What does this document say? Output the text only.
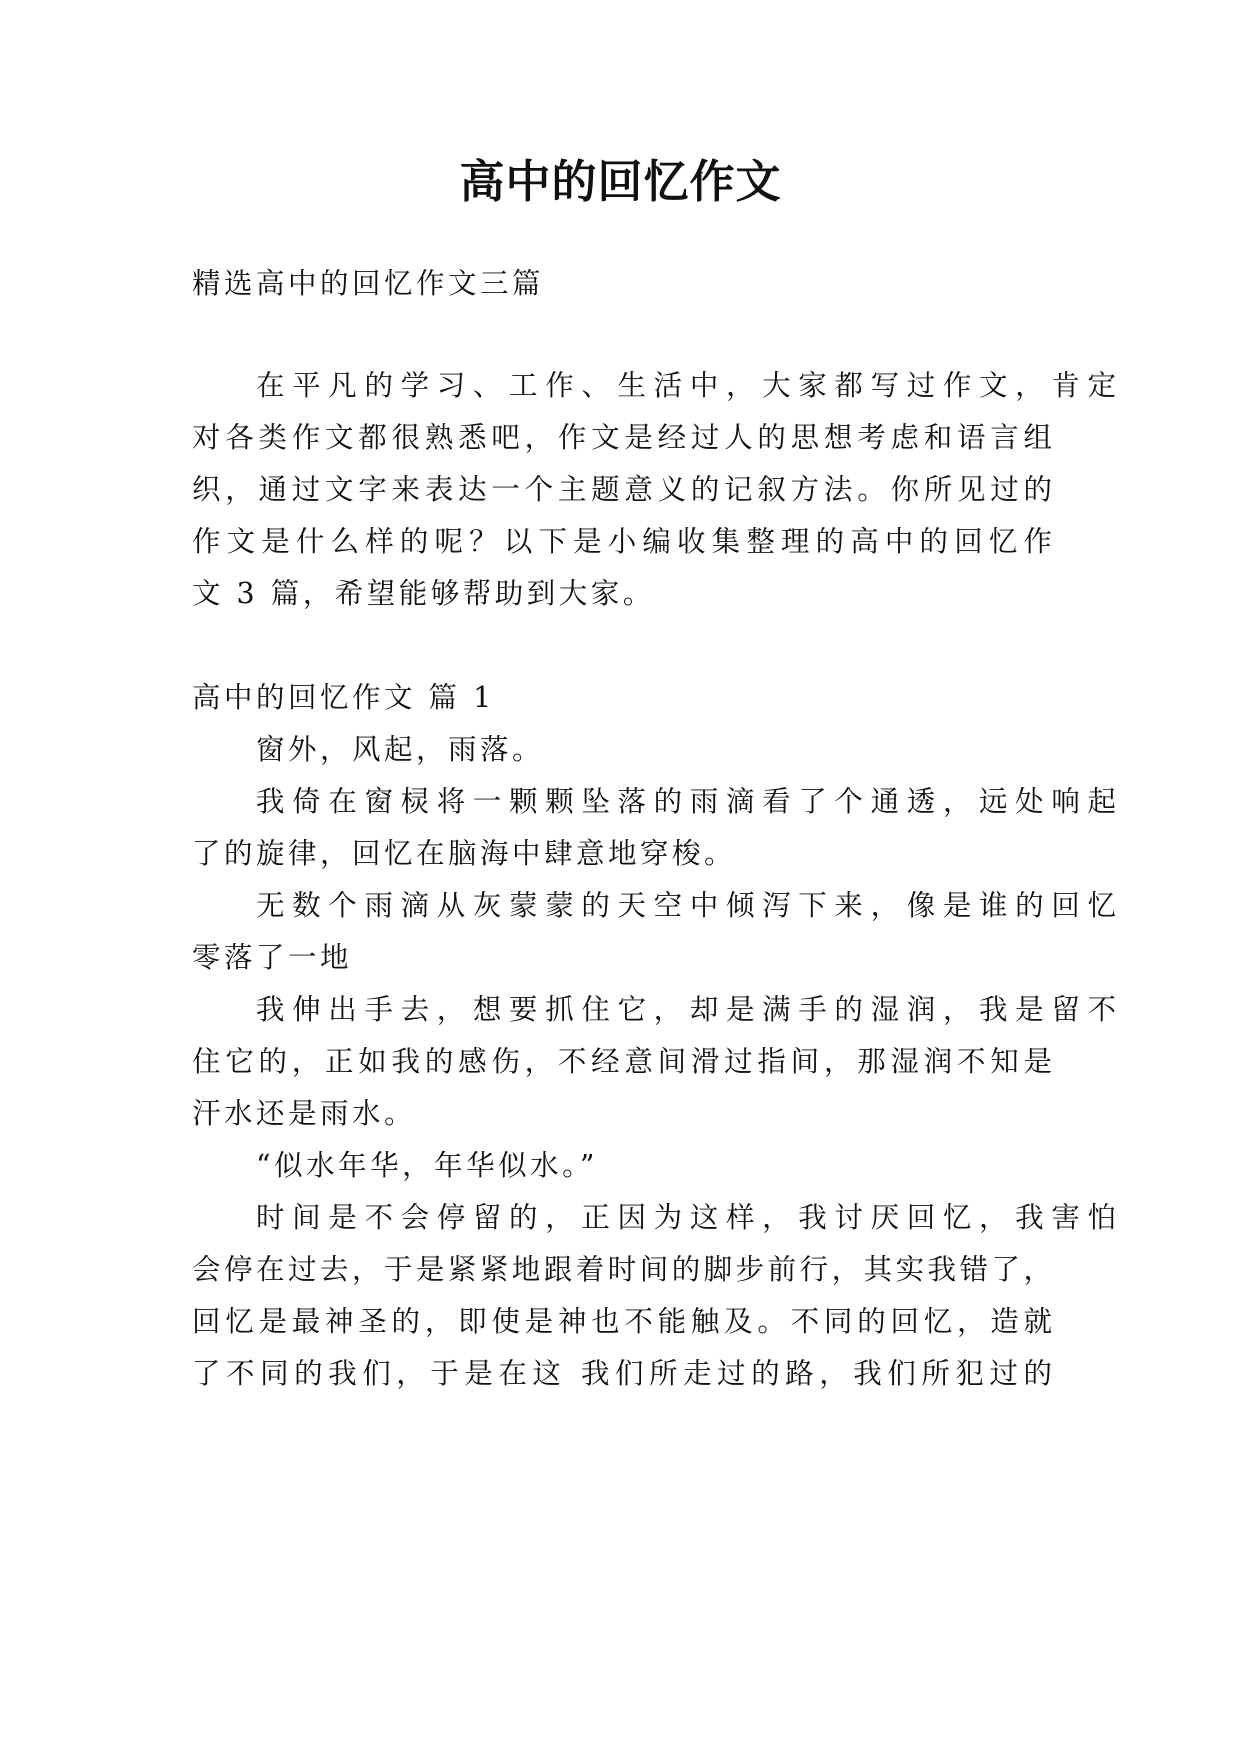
高中的回忆作文
精选高中的回忆作文三篇
在平凡的学习、工作、生活中，大家都写过作文，肯定
对各类作文都很熟悉吧，作文是经过人的思想考虑和语言组
织，通过文字来表达一个主题意义的记叙方法。你所见过的
作文是什么样的呢？以下是小编收集整理的高中的回忆作
文 3 篇，希望能够帮助到大家。
高中的回忆作文 篇 1
窗外，风起，雨落。
我倚在窗棂将一颗颗坠落的雨滴看了个通透，远处响起
了的旋律，回忆在脑海中肆意地穿梭。
无数个雨滴从灰蒙蒙的天空中倾泻下来，像是谁的回忆
零落了一地
我伸出手去，想要抓住它，却是满手的湿润，我是留不
住它的，正如我的感伤，不经意间滑过指间，那湿润不知是
汗水还是雨水。
“似水年华，年华似水。”
时间是不会停留的，正因为这样，我讨厌回忆，我害怕
会停在过去，于是紧紧地跟着时间的脚步前行，其实我错了，
回忆是最神圣的，即使是神也不能触及。不同的回忆，造就
了不同的我们，于是在这 我们所走过的路，我们所犯过的
